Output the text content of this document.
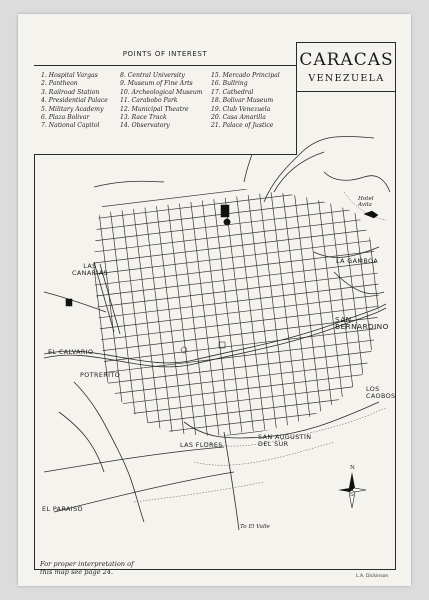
POINTS OF INTEREST
1. Hospital Vargas
2. Pantheon
3. Railroad Station
4. Presidential Palace
5. Military Academy
6. Plaza Bolivar
7. National Capitol
8. Central University
9. Museum of Fine Arts
10. Archeological Museum
11. Carabobo Park
12. Municipal Theatre
13. Race Track
14. Observatory
15. Mercado Principal
16. Bullring
17. Cathedral
18. Bolivar Museum
19. Club Venezuela
20. Casa Amarilla
21. Palace of Justice
CARACAS
VENEZUELA
LAS
CANARIAS
EL CALVARIO
POTRERITO
EL PARAISO
LAS FLORES
SAN AUGUSTIN
DEL SUR
SAN
BERNARDINO
LA GAMBOA
LOS
CAOBOS
To El Valle
Hotel
Avila
N
S
For proper interpretation of
this map see page 24.
L.A. Dickinson
